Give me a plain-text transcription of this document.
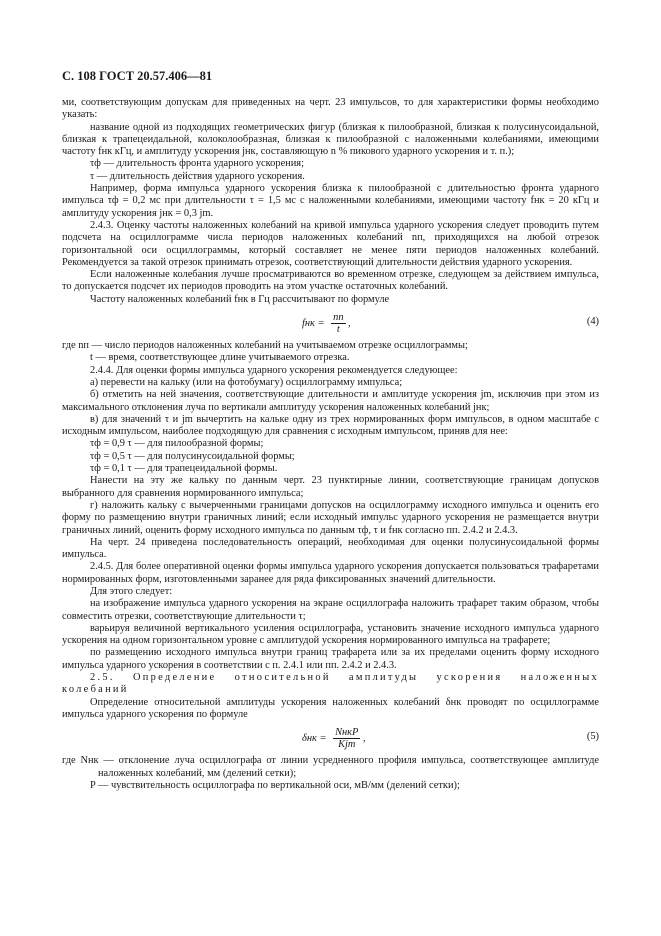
С. 108 ГОСТ 20.57.406—81

ми, соответствующим допускам для приведенных на черт. 23 импульсов, то для характеристики формы необходимо указать:

название одной из подходящих геометрических фигур (близкая к пилообразной, близкая к полусинусоидальной, близкая к трапецеидальной, колоколообразная, близкая к пилообразной с наложенными колебаниями, имеющими частоту fнк кГц, и амплитуду ускорения jнк, составляющую n % пикового ударного ускорения и т. п.);

τф — длительность фронта ударного ускорения;

τ — длительность действия ударного ускорения.

Например, форма импульса ударного ускорения близка к пилообразной с длительностью фронта ударного импульса τф = 0,2 мс при длительности τ = 1,5 мс с наложенными колебаниями, имеющими частоту fнк = 20 кГц и амплитуду ускорения jнк = 0,3 jm.

2.4.3. Оценку частоты наложенных колебаний на кривой импульса ударного ускорения следует проводить путем подсчета на осциллограмме числа периодов наложенных колебаний nп, приходящихся на любой отрезок горизонтальной оси осциллограммы, который составляет не менее пяти периодов наложенных колебаний. Рекомендуется за такой отрезок принимать отрезок, соответствующий длительности действия ударного ускорения.

Если наложенные колебания лучше просматриваются во временном отрезке, следующем за действием импульса, то допускается подсчет их периодов проводить на этом участке остаточных колебаний.

Частоту наложенных колебаний fнк в Гц рассчитывают по формуле

fнк = $\frac{nп}{t}$ ,	(4)

где nп — число периодов наложенных колебаний на учитываемом отрезке осциллограммы;

t — время, соответствующее длине учитываемого отрезка.

2.4.4. Для оценки формы импульса ударного ускорения рекомендуется следующее:

а) перевести на кальку (или на фотобумагу) осциллограмму импульса;

б) отметить на ней значения, соответствующие длительности и амплитуде ускорения jm, исключив при этом из максимального отклонения луча по вертикали амплитуду ускорения наложенных колебаний jнк;

в) для значений τ и jm вычертить на кальке одну из трех нормированных форм импульсов, в одном масштабе с исходным импульсом, наиболее подходящую для сравнения с исходным импульсом, приняв для нее:

τф = 0,9 τ — для пилообразной формы;

τф = 0,5 τ — для полусинусоидальной формы;

τф = 0,1 τ — для трапецеидальной формы.

Нанести на эту же кальку по данным черт. 23 пунктирные линии, соответствующие границам допусков выбранного для сравнения нормированного импульса;

г) наложить кальку с вычерченными границами допусков на осциллограмму исходного импульса и оценить его форму по размещению внутри граничных линий; если исходный импульс ударного ускорения не размещается внутри граничных линий, оценить форму исходного импульса по данным τф, τ и fнк согласно пп. 2.4.2 и 2.4.3.

На черт. 24 приведена последовательность операций, необходимая для оценки полусинусоидальной формы импульса.

2.4.5. Для более оперативной оценки формы импульса ударного ускорения допускается пользоваться трафаретами нормированных форм, изготовленными заранее для ряда фиксированных значений длительности.

Для этого следует:

на изображение импульса ударного ускорения на экране осциллографа наложить трафарет таким образом, чтобы совместить отрезки, соответствующие длительности τ;

варьируя величиной вертикального усиления осциллографа, установить значение исходного импульса ударного ускорения на одном горизонтальном уровне с амплитудой ускорения нормированного импульса на трафарете;

по размещению исходного импульса внутри границ трафарета или за их пределами оценить форму исходного импульса ударного ускорения в соответствии с п. 2.4.1 или пп. 2.4.2 и 2.4.3.

2.5. Определение относительной амплитуды ускорения наложенных колебаний

Определение относительной амплитуды ускорения наложенных колебаний δнк проводят по осциллограмме импульса ударного ускорения по формуле

$\delta нк = \frac{\text{NнкP}}{\text{Kjm}}$ ,	(5)

где Nнк — отклонение луча осциллографа от линии усредненного профиля импульса, соответствующее амплитуде наложенных колебаний, мм (делений сетки);

P — чувствительность осциллографа по вертикальной оси, мВ/мм (делений сетки);
